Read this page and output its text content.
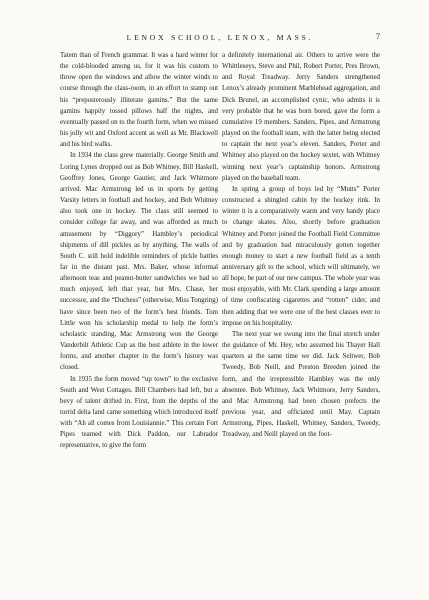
LENOX SCHOOL, LENOX, MASS.	7

Tatem than of French grammar. It was a hard winter for the cold-blooded among us, for it was his custom to throw open the windows and allow the winter winds to course through the class-room, in an effort to stamp out his “preposterously illiterate gamins.” But the same gamins happily tossed pillows half the nights, and eventually passed on to the fourth form, when we missed his jolly wit and Oxford accent as well as Mr. Blackwell and his bird walks.

In 1934 the class grew materially. George Smith and Loring Lynes dropped out as Bob Whitney, Bill Haskell, Geoffrey Jones, George Gautier, and Jack Whitmore arrived. Mac Armstrong led us in sports by getting Varsity letters in football and hockey, and Bob Whitney also took one in hockey. The class still seemed to consider college far away, and was afforded as much amusement by “Diggory” Hambley’s periodical shipments of dill pickles as by anything. The walls of South C. still hold indelible reminders of pickle battles far in the distant past. Mrs. Baker, whose informal afternoon teas and peanut-butter sandwiches we had so much enjoyed, left that year, but Mrs. Chase, her successor, and the “Duchess” (otherwise, Miss Tongring) have since been two of the form’s best friends. Tom Little won his scholarship medal to help the form’s scholastic standing, Mac Armstrong won the George Vanderbilt Athletic Cup as the best athlete in the lower forms, and another chapter in the form’s history was closed.

In 1935 the form moved “up town” to the exclusive South and West Cottages. Bill Chambers had left, but a bevy of talent drifted in. First, from the depths of the torrid delta land came something which introduced itself with “Ah all comes from Louisiannie.” This certain Fort Pipes teamed with Dick Paddon, our Labrador representative, to give the form

a definitely international air. Others to arrive were the Whittleseys, Steve and Phil, Robert Porter, Pres Brown, and Royal Treadway. Jerry Sanders strengthened Lenox’s already prominent Marblehead aggregation, and Dick Brunel, an accomplished cynic, who admits it is very probable that he was born bored, gave the form a cumulative 19 members. Sanders, Pipes, and Armstrong played on the football team, with the latter being elected to captain the next year’s eleven. Sanders, Porter and Whitney also played on the hockey sextet, with Whitney winning next year’s captainship honors. Armstrong played on the baseball team.

In spring a group of boys led by “Mutts” Porter constructed a shingled cabin by the hockey rink. In winter it is a comparatively warm and very handy place to change skates. Also, shortly before graduation Whitney and Porter joined the Football Field Committee and by graduation had miraculously gotten together enough money to start a new football field as a tenth anniversary gift to the school, which will ultimately, we all hope, be part of our new campus. The whole year was most enjoyable, with Mr. Clark spending a large amount of time confiscating cigarettes and “rotten” cider, and then adding that we were one of the best classes ever to impose on his hospitality.

The next year we swung into the final stretch under the guidance of Mr. Hey, who assumed his Thayer Hall quarters at the same time we did. Jack Seltwer, Bob Tweedy, Bob Neill, and Preston Breeden joined the form, and the irrepressible Hambley was the only absentee. Bob Whitney, Jack Whitmore, Jerry Sanders, and Mac Armstrong had been chosen prefects the previous year, and officiated until May. Captain Armstrong, Pipes, Haskell, Whitney, Sanders, Tweedy, Treadway, and Neill played on the foot-
